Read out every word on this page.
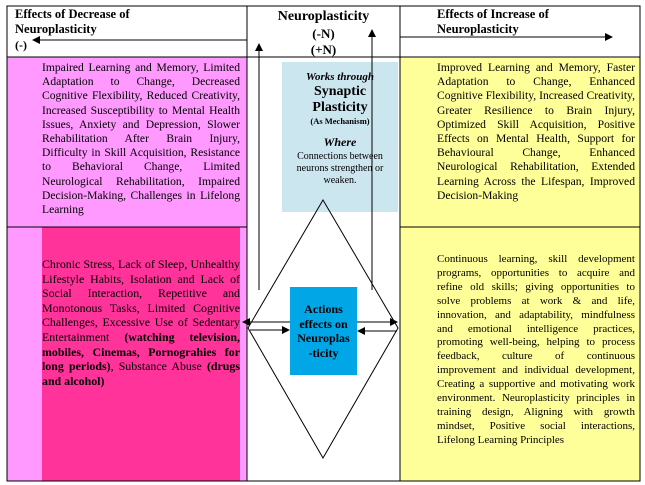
Effects of Decrease of Neuroplasticity
(-)
Neuroplasticity
(-N)
(+N)
Effects of Increase of Neuroplasticity
Impaired Learning and Memory, Limited Adaptation to Change, Decreased Cognitive Flexibility, Reduced Creativity, Increased Susceptibility to Mental Health Issues, Anxiety and Depression, Slower Rehabilitation After Brain Injury, Difficulty in Skill Acquisition, Resistance to Behavioral Change, Limited Neurological Rehabilitation, Impaired Decision-Making, Challenges in Lifelong Learning
Improved Learning and Memory, Faster Adaptation to Change, Enhanced Cognitive Flexibility, Increased Creativity, Greater Resilience to Brain Injury, Optimized Skill Acquisition, Positive Effects on Mental Health, Support for Behavioural Change, Enhanced Neurological Rehabilitation, Extended Learning Across the Lifespan, Improved Decision-Making
Works through
Synaptic
Plasticity
(As Mechanism)
Where
Connections between neurons strengthen or weaken.
Chronic Stress, Lack of Sleep, Unhealthy Lifestyle Habits, Isolation and Lack of Social Interaction, Repetitive and Monotonous Tasks, Limited Cognitive Challenges, Excessive Use of Sedentary Entertainment (watching television, mobiles, Cinemas, Pornograhies for long periods), Substance Abuse (drugs and alcohol)
Actions
effects on
Neuroplas
-ticity
Continuous learning, skill development programs, opportunities to acquire and refine old skills; giving opportunities to solve problems at work & and life, innovation, and adaptability, mindfulness and emotional intelligence practices, promoting well-being, helping to process feedback, culture of continuous improvement and individual development, Creating a supportive and motivating work environment. Neuroplasticity principles in training design, Aligning with growth mindset, Positive social interactions, Lifelong Learning Principles
